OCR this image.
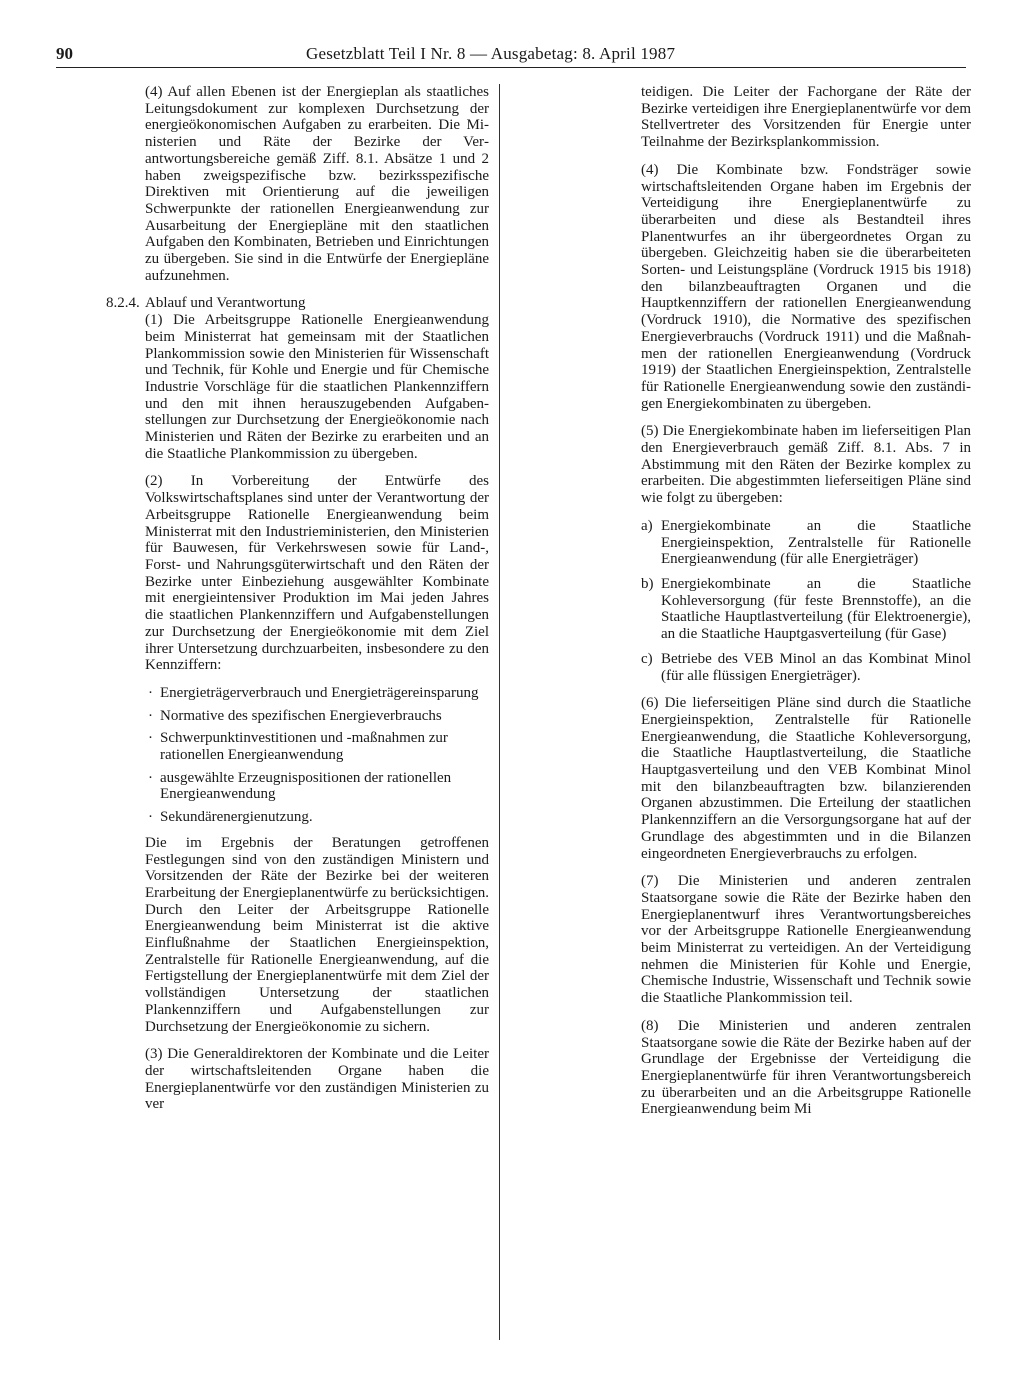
90	Gesetzblatt Teil I Nr. 8 — Ausgabetag: 8. April 1987

(4) Auf allen Ebenen ist der Energieplan als staatliches Leitungsdokument zur komplexen Durchsetzung der energieökonomischen Aufgaben zu erarbeiten. Die Ministerien und Räte der Bezirke der Verantwortungsbereiche gemäß Ziff. 8.1. Absätze 1 und 2 haben zweigspezifische bzw. bezirksspezifische Direktiven mit Orientierung auf die jeweiligen Schwerpunkte der rationellen Energieanwendung zur Ausarbeitung der Energiepläne mit den staatlichen Aufgaben den Kombinaten, Betrieben und Einrichtungen zu übergeben. Sie sind in die Entwürfe der Energiepläne aufzunehmen.

8.2.4. Ablauf und Verantwortung

(1) Die Arbeitsgruppe Rationelle Energieanwendung beim Ministerrat hat gemeinsam mit der Staatlichen Plankommission sowie den Ministerien für Wissenschaft und Technik, für Kohle und Energie und für Chemische Industrie Vorschläge für die staatlichen Plankennziffern und den mit ihnen herauszugebenden Aufgabenstellungen zur Durchsetzung der Energieökonomie nach Ministerien und Räten der Bezirke zu erarbeiten und an die Staatliche Plankommission zu übergeben.

(2) In Vorbereitung der Entwürfe des Volkswirtschaftsplanes sind unter der Verantwortung der Arbeitsgruppe Rationelle Energieanwendung beim Ministerrat mit den Industrieministerien, den Ministerien für Bauwesen, für Verkehrswesen sowie für Land-, Forst- und Nahrungsgüterwirtschaft und den Räten der Bezirke unter Einbeziehung ausgewählter Kombinate mit energieintensiver Produktion im Mai jeden Jahres die staatlichen Plankennziffern und Aufgabenstellungen zur Durchsetzung der Energieökonomie mit dem Ziel ihrer Untersetzung durchzuarbeiten, insbesondere zu den Kennziffern:

· Energieträgerverbrauch und Energieträgereinsparung
· Normative des spezifischen Energieverbrauchs
· Schwerpunktinvestitionen und -maßnahmen zur rationellen Energieanwendung
· ausgewählte Erzeugnispositionen der rationellen Energieanwendung
· Sekundärenergienutzung.

Die im Ergebnis der Beratungen getroffenen Festlegungen sind von den zuständigen Ministern und Vorsitzenden der Räte der Bezirke bei der weiteren Erarbeitung der Energieplanentwürfe zu berücksichtigen. Durch den Leiter der Arbeitsgruppe Rationelle Energieanwendung beim Ministerrat ist die aktive Einflußnahme der Staatlichen Energieinspektion, Zentralstelle für Rationelle Energieanwendung, auf die Fertigstellung der Energieplanentwürfe mit dem Ziel der vollständigen Untersetzung der staatlichen Plankennziffern und Aufgabenstellungen zur Durchsetzung der Energieökonomie zu sichern.

(3) Die Generaldirektoren der Kombinate und die Leiter der wirtschaftsleitenden Organe haben die Energieplanentwürfe vor den zuständigen Ministerien zu ver

teidigen. Die Leiter der Fachorgane der Räte der Bezirke verteidigen ihre Energieplanentwürfe vor dem Stellvertreter des Vorsitzenden für Energie unter Teilnahme der Bezirksplankommission.

(4) Die Kombinate bzw. Fondsträger sowie wirtschaftsleitenden Organe haben im Ergebnis der Verteidigung ihre Energieplanentwürfe zu überarbeiten und diese als Bestandteil ihres Planentwurfes an ihr übergeordnetes Organ zu übergeben. Gleichzeitig haben sie die überarbeiteten Sorten- und Leistungspläne (Vordruck 1915 bis 1918) den bilanzbeauftragten Organen und die Hauptkennziffern der rationellen Energieanwendung (Vordruck 1910), die Normative des spezifischen Energieverbrauchs (Vordruck 1911) und die Maßnahmen der rationellen Energieanwendung (Vordruck 1919) der Staatlichen Energieinspektion, Zentralstelle für Rationelle Energieanwendung sowie den zuständigen Energiekombinaten zu übergeben.

(5) Die Energiekombinate haben im lieferseitigen Plan den Energieverbrauch gemäß Ziff. 8.1. Abs. 7 in Abstimmung mit den Räten der Bezirke komplex zu erarbeiten. Die abgestimmten lieferseitigen Pläne sind wie folgt zu übergeben:

a) Energiekombinate an die Staatliche Energieinspektion, Zentralstelle für Rationelle Energieanwendung (für alle Energieträger)
b) Energiekombinate an die Staatliche Kohleversorgung (für feste Brennstoffe), an die Staatliche Hauptlastverteilung (für Elektroenergie), an die Staatliche Hauptgasverteilung (für Gase)
c) Betriebe des VEB Minol an das Kombinat Minol (für alle flüssigen Energieträger).

(6) Die lieferseitigen Pläne sind durch die Staatliche Energieinspektion, Zentralstelle für Rationelle Energieanwendung, die Staatliche Kohleversorgung, die Staatliche Hauptlastverteilung, die Staatliche Hauptgasverteilung und den VEB Kombinat Minol mit den bilanzbeauftragten bzw. bilanzierenden Organen abzustimmen. Die Erteilung der staatlichen Plankennziffern an die Versorgungsorgane hat auf der Grundlage des abgestimmten und in die Bilanzen eingeordneten Energieverbrauchs zu erfolgen.

(7) Die Ministerien und anderen zentralen Staatsorgane sowie die Räte der Bezirke haben den Energieplanentwurf ihres Verantwortungsbereiches vor der Arbeitsgruppe Rationelle Energieanwendung beim Ministerrat zu verteidigen. An der Verteidigung nehmen die Ministerien für Kohle und Energie, Chemische Industrie, Wissenschaft und Technik sowie die Staatliche Plankommission teil.

(8) Die Ministerien und anderen zentralen Staatsorgane sowie die Räte der Bezirke haben auf der Grundlage der Ergebnisse der Verteidigung die Energieplanentwürfe für ihren Verantwortungsbereich zu überarbeiten und an die Arbeitsgruppe Rationelle Energieanwendung beim Mi
